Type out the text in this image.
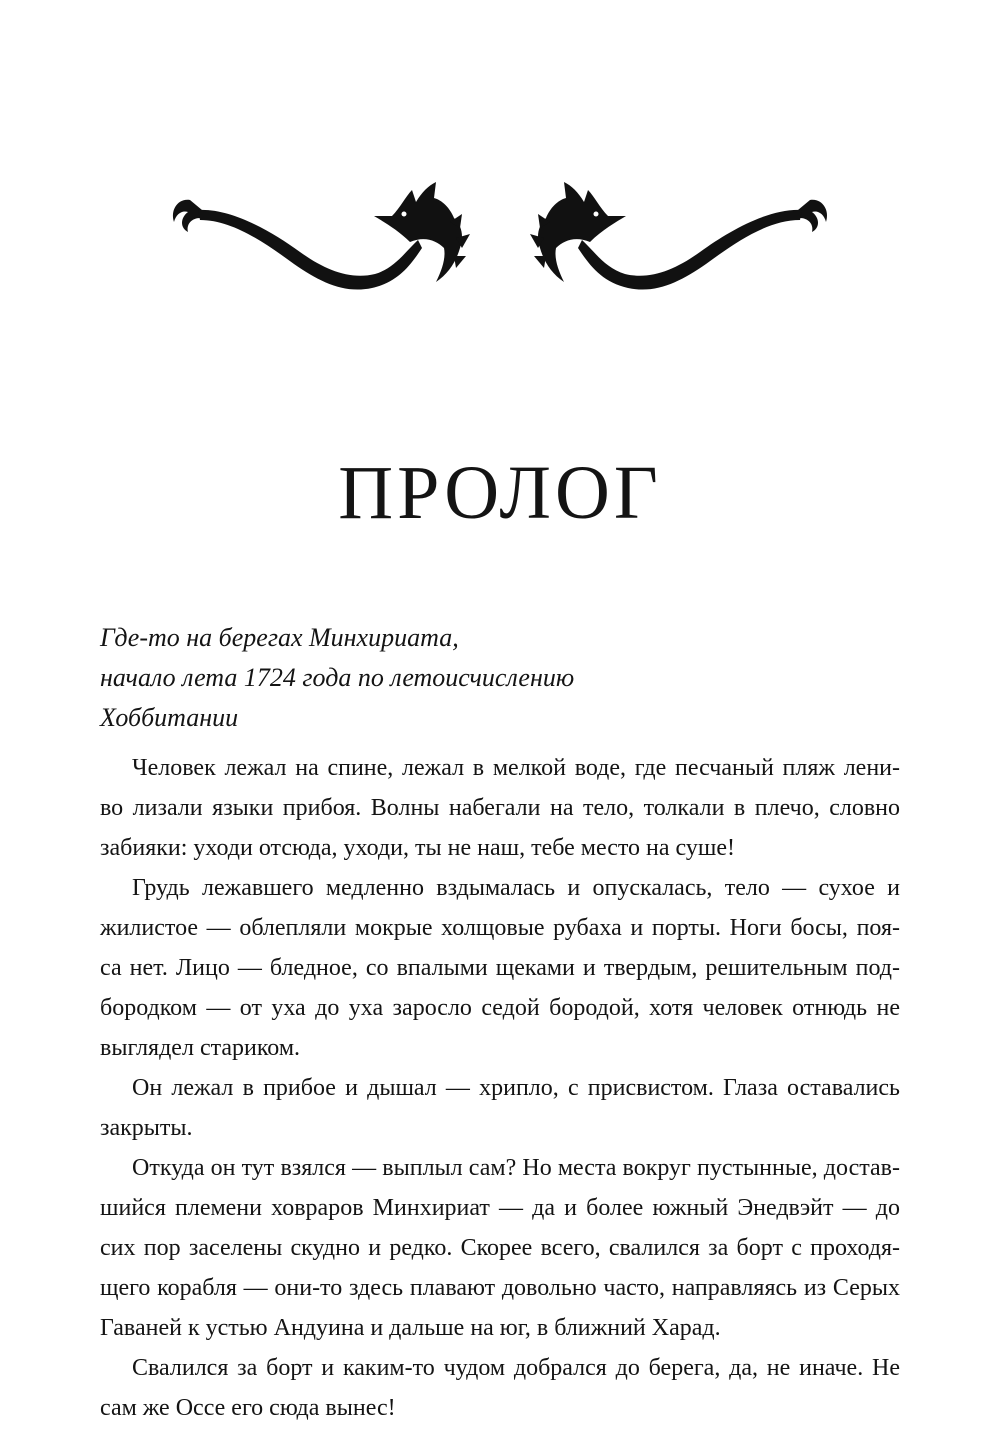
ПРОЛОГ
Где-то на берегах Минхириата,
начало лета 1724 года по летоисчислению
Хоббитании
Человек лежал на спине, лежал в мелкой воде, где песчаный пляж лени-
во лизали языки прибоя. Волны набегали на тело, толкали в плечо, словно
забияки: уходи отсюда, уходи, ты не наш, тебе место на суше!
Грудь лежавшего медленно вздымалась и опускалась, тело — сухое и
жилистое — облепляли мокрые холщовые рубаха и порты. Ноги босы, поя-
са нет. Лицо — бледное, со впалыми щеками и твердым, решительным под-
бородком — от уха до уха заросло седой бородой, хотя человек отнюдь не
выглядел стариком.
Он лежал в прибое и дышал — хрипло, с присвистом. Глаза оставались
закрыты.
Откуда он тут взялся — выплыл сам? Но места вокруг пустынные, достав-
шийся племени ховраров Минхириат — да и более южный Энедвэйт — до
сих пор заселены скудно и редко. Скорее всего, свалился за борт с проходя-
щего корабля — они-то здесь плавают довольно часто, направляясь из Серых
Гаваней к устью Андуина и дальше на юг, в ближний Харад.
Свалился за борт и каким-то чудом добрался до берега, да, не иначе. Не
сам же Оссе его сюда вынес!
